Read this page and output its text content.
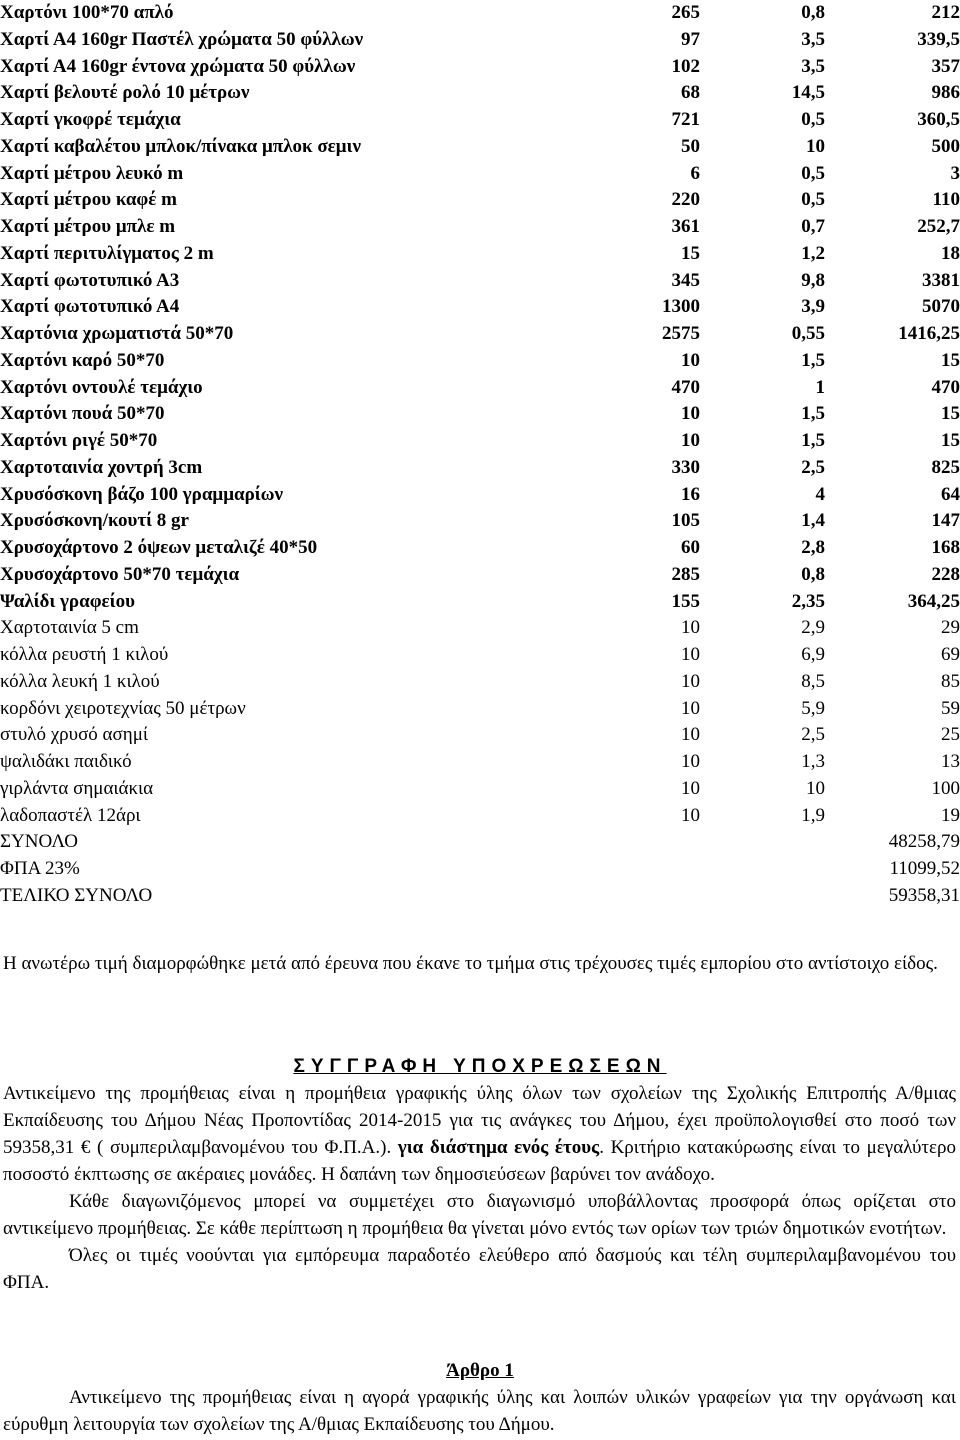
Χαρτόνι 100*70 απλό	265	0,8	212
Χαρτί Α4 160gr Παστέλ χρώματα 50 φύλλων	97	3,5	339,5
Χαρτί Α4 160gr έντονα χρώματα 50 φύλλων	102	3,5	357
Χαρτί βελουτέ ρολό 10 μέτρων	68	14,5	986
Χαρτί γκοφρέ τεμάχια	721	0,5	360,5
Χαρτί καβαλέτου μπλοκ/πίνακα μπλοκ σεμιν	50	10	500
Χαρτί μέτρου λευκό m	6	0,5	3
Χαρτί μέτρου καφέ m	220	0,5	110
Χαρτί μέτρου μπλε m	361	0,7	252,7
Χαρτί περιτυλίγματος 2 m	15	1,2	18
Χαρτί φωτοτυπικό Α3	345	9,8	3381
Χαρτί φωτοτυπικό Α4	1300	3,9	5070
Χαρτόνια χρωματιστά 50*70	2575	0,55	1416,25
Χαρτόνι καρό 50*70	10	1,5	15
Χαρτόνι οντουλέ τεμάχιο	470	1	470
Χαρτόνι πουά 50*70	10	1,5	15
Χαρτόνι ριγέ 50*70	10	1,5	15
Χαρτοταινία χοντρή 3cm	330	2,5	825
Χρυσόσκονη βάζο 100 γραμμαρίων	16	4	64
Χρυσόσκονη/κουτί 8 gr	105	1,4	147
Χρυσοχάρτονο 2 όψεων μεταλιζέ 40*50	60	2,8	168
Χρυσοχάρτονο 50*70 τεμάχια	285	0,8	228
Ψαλίδι γραφείου	155	2,35	364,25
Χαρτοταινία 5 cm	10	2,9	29
κόλλα ρευστή 1 κιλού	10	6,9	69
κόλλα λευκή 1 κιλού	10	8,5	85
κορδόνι χειροτεχνίας 50 μέτρων	10	5,9	59
στυλό χρυσό ασημί	10	2,5	25
ψαλιδάκι παιδικό	10	1,3	13
γιρλάντα σημαιάκια	10	10	100
λαδοπαστέλ 12άρι	10	1,9	19
ΣΥΝΟΛΟ			48258,79
ΦΠΑ 23%			11099,52
ΤΕΛΙΚΟ ΣΥΝΟΛΟ			59358,31

Η ανωτέρω τιμή διαμορφώθηκε μετά από έρευνα που έκανε το τμήμα στις τρέχουσες τιμές εμπορίου στο αντίστοιχο είδος.

ΣΥΓΓΡΑΦΗ ΥΠΟΧΡΕΩΣΕΩΝ

Αντικείμενο της προμήθειας είναι η προμήθεια γραφικής ύλης όλων των σχολείων της Σχολικής Επιτροπής Α/θμιας Εκπαίδευσης του Δήμου Νέας Προποντίδας 2014-2015 για τις ανάγκες του Δήμου, έχει προϋπολογισθεί στο ποσό των 59358,31 € ( συμπεριλαμβανομένου του Φ.Π.Α.). για διάστημα ενός έτους. Κριτήριο κατακύρωσης είναι το μεγαλύτερο ποσοστό έκπτωσης σε ακέραιες μονάδες. Η δαπάνη των δημοσιεύσεων βαρύνει τον ανάδοχο.

Κάθε διαγωνιζόμενος μπορεί να συμμετέχει στο διαγωνισμό υποβάλλοντας προσφορά όπως ορίζεται στο αντικείμενο προμήθειας. Σε κάθε περίπτωση η προμήθεια θα γίνεται μόνο εντός των ορίων των τριών δημοτικών ενοτήτων.

Όλες οι τιμές νοούνται για εμπόρευμα παραδοτέο ελεύθερο από δασμούς και τέλη συμπεριλαμβανομένου του ΦΠΑ.

Άρθρο 1

Αντικείμενο της προμήθειας είναι η αγορά γραφικής ύλης και λοιπών υλικών γραφείων για την οργάνωση και εύρυθμη λειτουργία των σχολείων της Α/θμιας Εκπαίδευσης του Δήμου.
